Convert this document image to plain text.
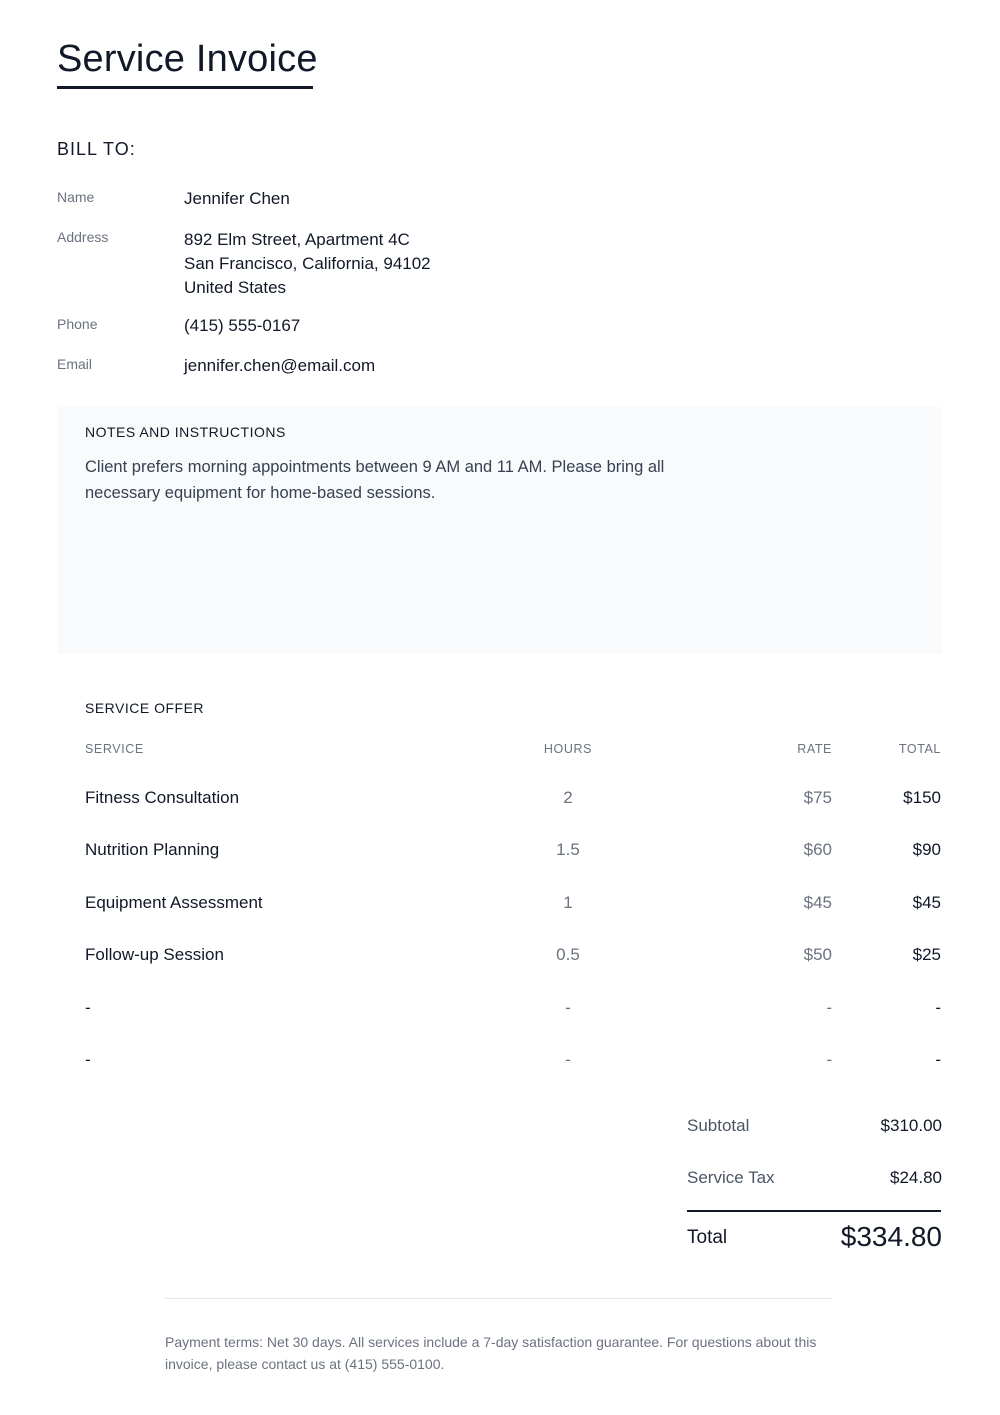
Service Invoice
BILL TO:
Name	Jennifer Chen
Address	892 Elm Street, Apartment 4C
San Francisco, California, 94102
United States
Phone	(415) 555-0167
Email	jennifer.chen@email.com
NOTES AND INSTRUCTIONS
Client prefers morning appointments between 9 AM and 11 AM. Please bring all necessary equipment for home-based sessions.
SERVICE OFFER
SERVICE	HOURS	RATE	TOTAL
Fitness Consultation	2	$75	$150
Nutrition Planning	1.5	$60	$90
Equipment Assessment	1	$45	$45
Follow-up Session	0.5	$50	$25
-	-	-	-
-	-	-	-
Subtotal	$310.00
Service Tax	$24.80
Total	$334.80
Payment terms: Net 30 days. All services include a 7-day satisfaction guarantee. For questions about this invoice, please contact us at (415) 555-0100.
